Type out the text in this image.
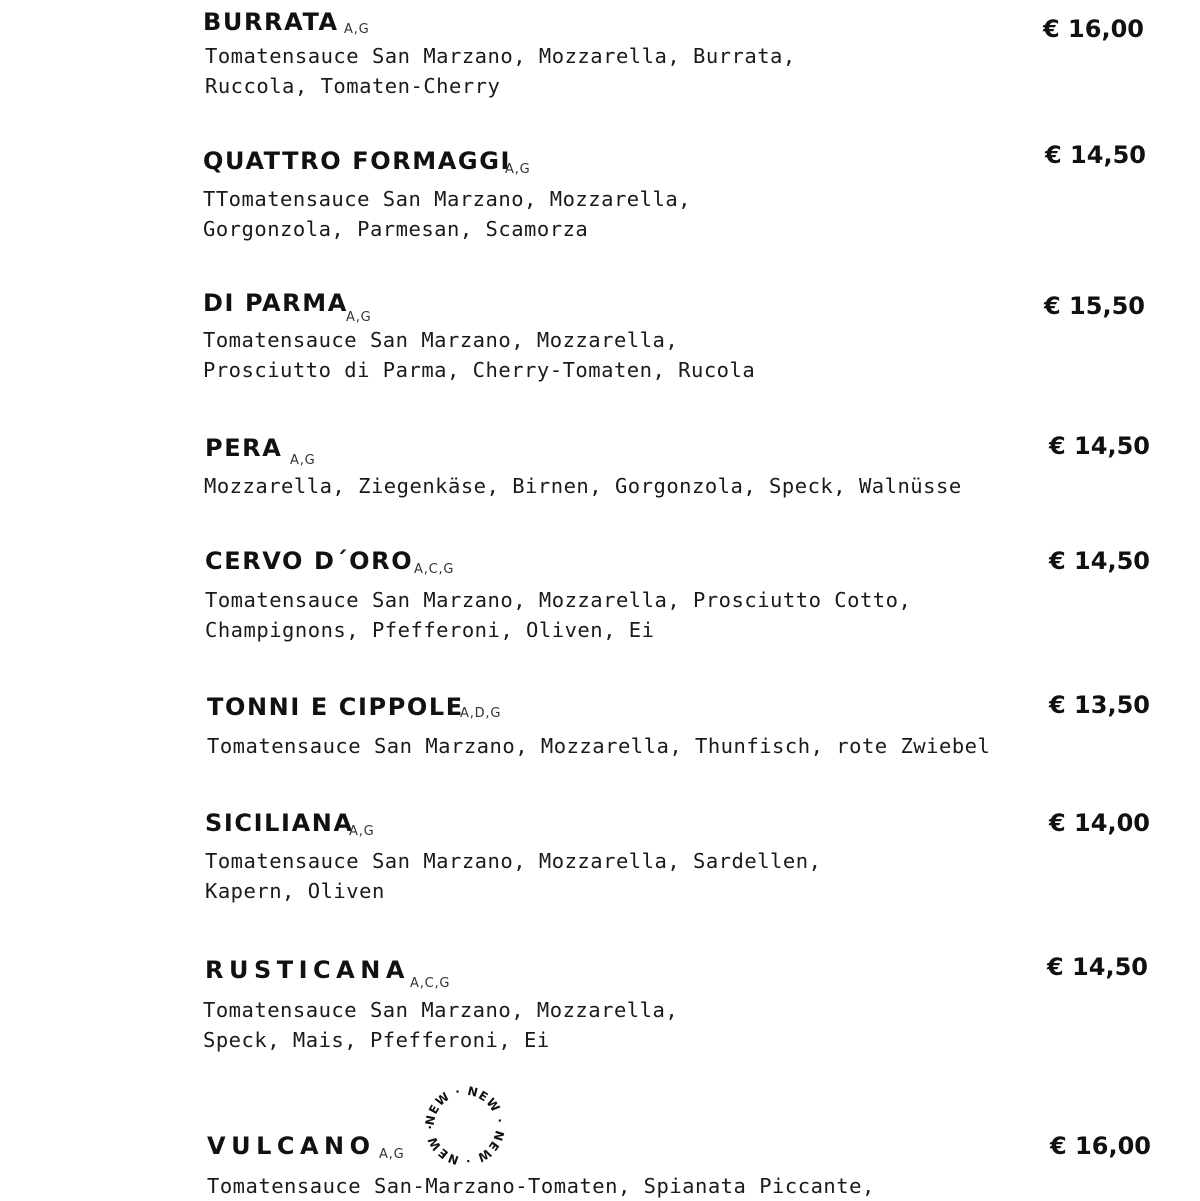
BURRATA A,G	€ 16,00
Tomatensauce San Marzano, Mozzarella, Burrata,
Ruccola, Tomaten-Cherry
QUATTRO FORMAGGI
A,G
€ 14,50
TTomatensauce San Marzano, Mozzarella,
Gorgonzola, Parmesan, Scamorza
DI PARMA
A,G	€ 15,50
Tomatensauce San Marzano, Mozzarella,
Prosciutto di Parma, Cherry-Tomaten, Rucola
PERA A,G
€ 14,50
Mozzarella, Ziegenkäse, Birnen, Gorgonzola, Speck, Walnüsse
CERVO D´ORO A,C,G	€ 14,50
Tomatensauce San Marzano, Mozzarella, Prosciutto Cotto,
Champignons, Pfefferoni, Oliven, Ei
TONNI E CIPPOLE
A,D,G	€ 13,50
Tomatensauce San Marzano, Mozzarella, Thunfisch, rote Zwiebel
SICILIANA
A,G	€ 14,00
Tomatensauce San Marzano, Mozzarella, Sardellen,
Kapern, Oliven
RUSTICANA A,C,G
€ 14,50
Tomatensauce San Marzano, Mozzarella,
Speck, Mais, Pfefferoni, Ei
VULCANO A,G	€ 16,00
Tomatensauce San-Marzano-Tomaten, Spianata Piccante,
NEW · NEW · NEW · NEW ·
